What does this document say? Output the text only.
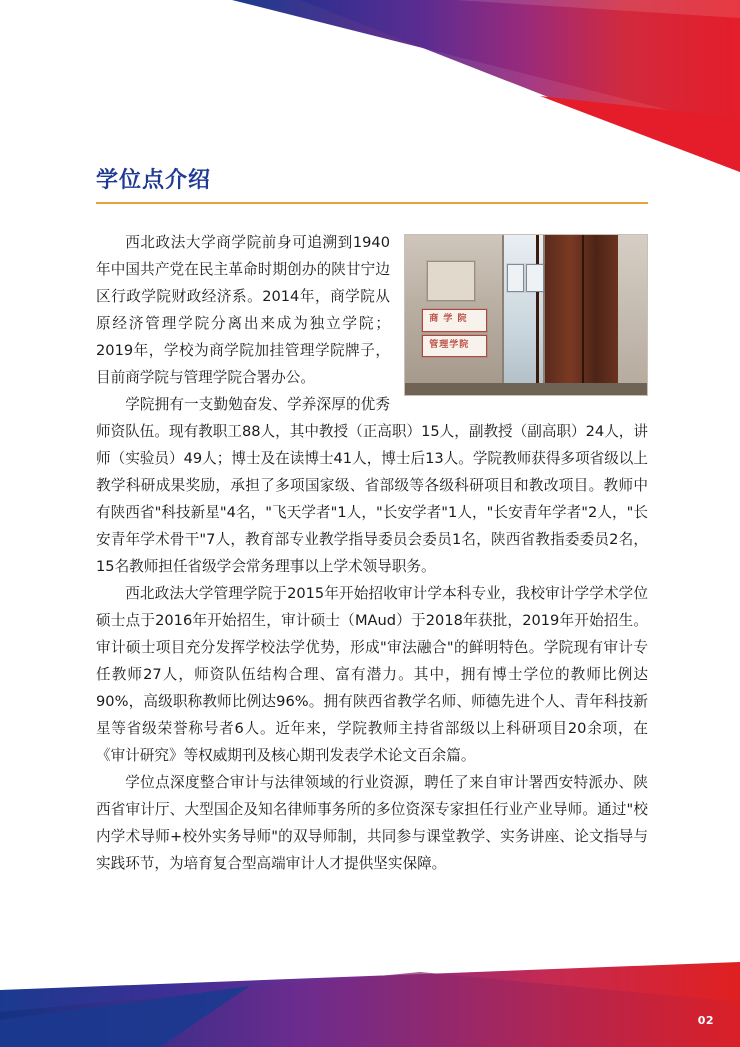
学位点介绍
商 学 院
管理学院

西北政法大学商学院前身可追溯到1940年中国共产党在民主革命时期创办的陕甘宁边区行政学院财政经济系。2014年，商学院从原经济管理学院分离出来成为独立学院；2019年，学校为商学院加挂管理学院牌子，目前商学院与管理学院合署办公。

学院拥有一支勤勉奋发、学养深厚的优秀师资队伍。现有教职工88人，其中教授（正高职）15人，副教授（副高职）24人，讲师（实验员）49人；博士及在读博士41人，博士后13人。学院教师获得多项省级以上教学科研成果奖励，承担了多项国家级、省部级等各级科研项目和教改项目。教师中有陕西省"科技新星"4名，"飞天学者"1人，"长安学者"1人，"长安青年学者"2人，"长安青年学术骨干"7人，教育部专业教学指导委员会委员1名，陕西省教指委委员2名，15名教师担任省级学会常务理事以上学术领导职务。

西北政法大学管理学院于2015年开始招收审计学本科专业，我校审计学学术学位硕士点于2016年开始招生，审计硕士（MAud）于2018年获批，2019年开始招生。审计硕士项目充分发挥学校法学优势，形成"审法融合"的鲜明特色。学院现有审计专任教师27人，师资队伍结构合理、富有潜力。其中，拥有博士学位的教师比例达90%，高级职称教师比例达96%。拥有陕西省教学名师、师德先进个人、青年科技新星等省级荣誉称号者6人。近年来，学院教师主持省部级以上科研项目20余项，在《审计研究》等权威期刊及核心期刊发表学术论文百余篇。

学位点深度整合审计与法律领域的行业资源，聘任了来自审计署西安特派办、陕西省审计厅、大型国企及知名律师事务所的多位资深专家担任行业产业导师。通过"校内学术导师+校外实务导师"的双导师制，共同参与课堂教学、实务讲座、论文指导与实践环节，为培育复合型高端审计人才提供坚实保障。

02
